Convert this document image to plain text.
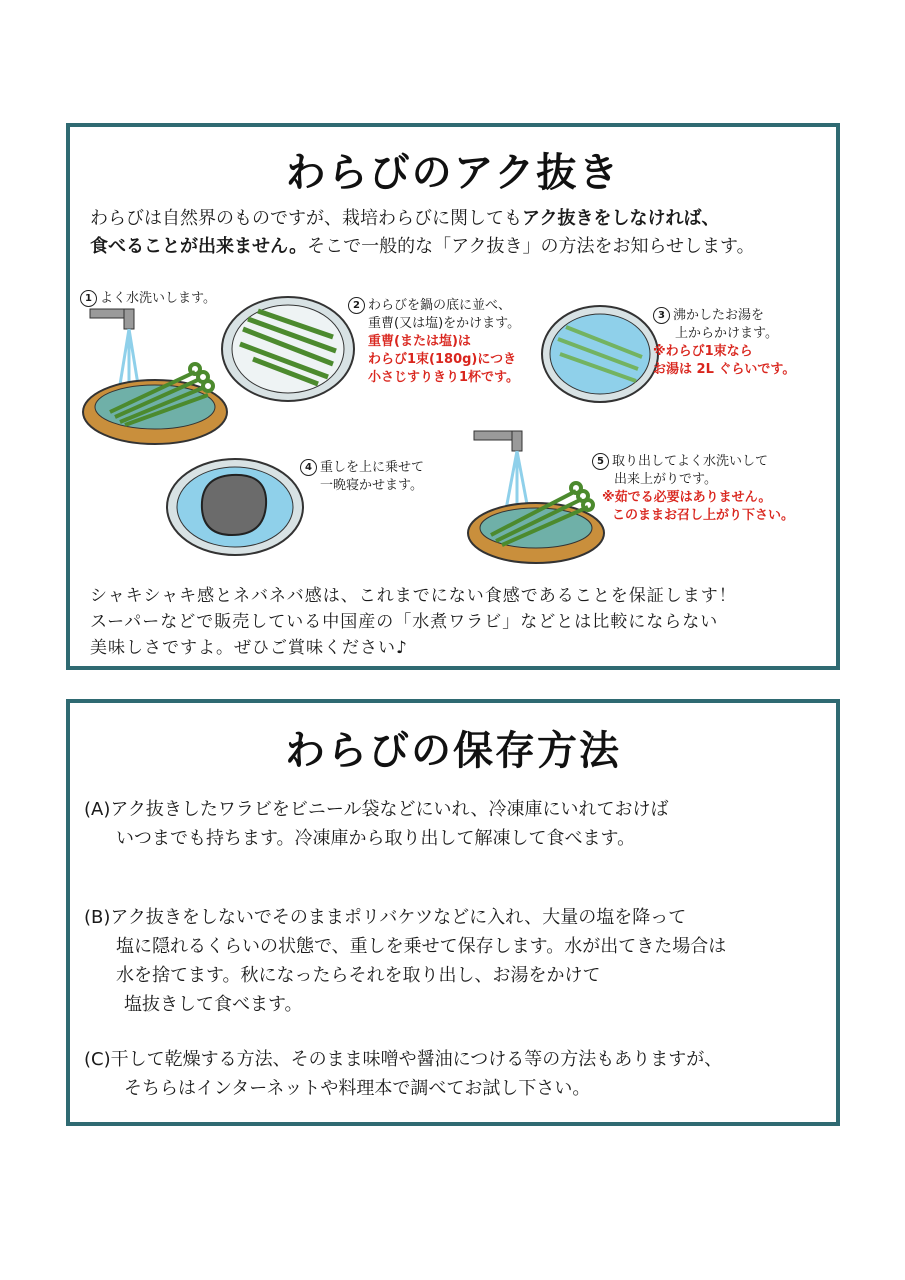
わらびのアク抜き

わらびは自然界のものですが、栽培わらびに関してもアク抜きをしなければ、
食べることが出来ません。そこで一般的な「アク抜き」の方法をお知らせします。

1 よく水洗いします。	2 わらびを鍋の底に並べ、
重曹(又は塩)をかけます。
重曹(または塩)は
わらび1束(180g)につき
小さじすりきり1杯です。
3 沸かしたお湯を
上からかけます。
※わらび1束なら
お湯は 2L ぐらいです。
4 重しを上に乗せて
一晩寝かせます。
5 取り出してよく水洗いして
出来上がりです。
※茹でる必要はありません。
このままお召し上がり下さい。

シャキシャキ感とネバネバ感は、これまでにない食感であることを保証します！
スーパーなどで販売している中国産の「水煮ワラビ」などとは比較にならない
美味しさですよ。ぜひご賞味ください♪

わらびの保存方法

(A)アク抜きしたワラビをビニール袋などにいれ、冷凍庫にいれておけば
いつまでも持ちます。冷凍庫から取り出して解凍して食べます。

(B)アク抜きをしないでそのままポリバケツなどに入れ、大量の塩を降って
塩に隠れるくらいの状態で、重しを乗せて保存します。水が出てきた場合は
水を捨てます。秋になったらそれを取り出し、お湯をかけて
塩抜きして食べます。

(C)干して乾燥する方法、そのまま味噌や醤油につける等の方法もありますが、
そちらはインターネットや料理本で調べてお試し下さい。
